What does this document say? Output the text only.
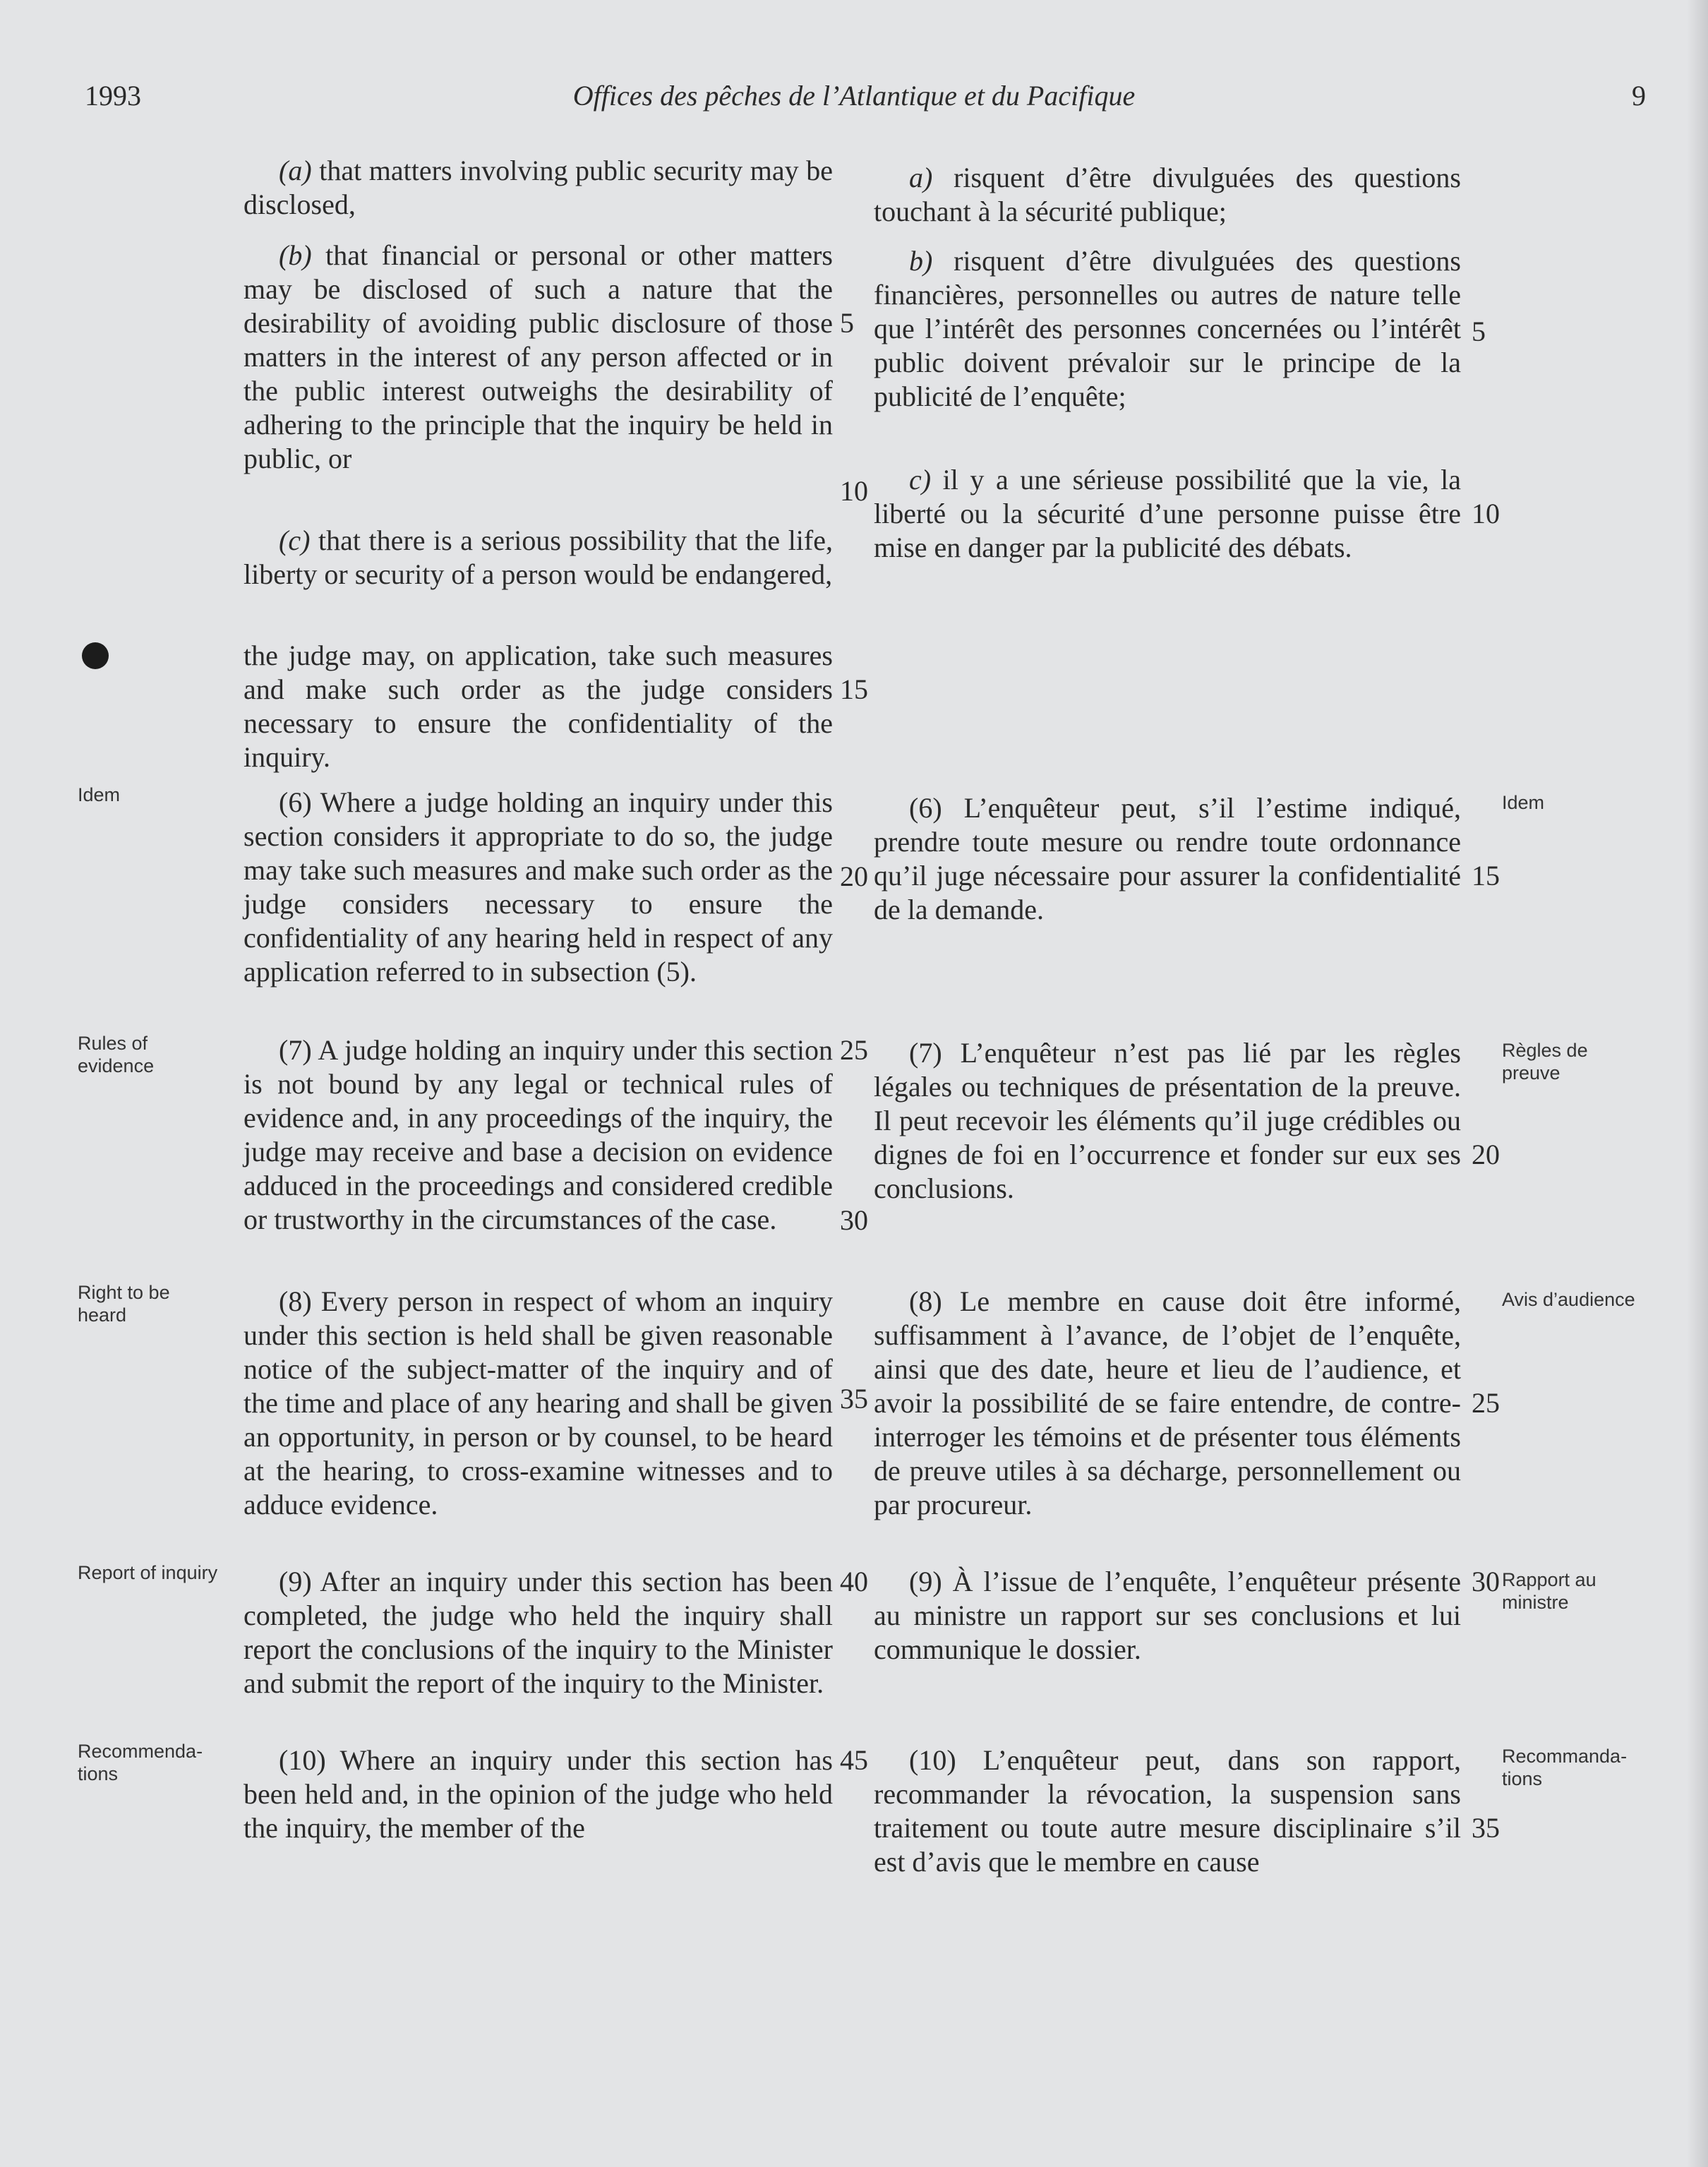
1993	Offices des pêches de l’Atlantique et du Pacifique	9

(a) that matters involving public security may be disclosed,

(b) that financial or personal or other matters may be disclosed of such a nature that the desirability of avoiding public disclosure of those matters in the interest of any person affected or in the public interest outweighs the desirability of adhering to the principle that the inquiry be held in public, or

(c) that there is a serious possibility that the life, liberty or security of a person would be endangered,

the judge may, on application, take such measures and make such order as the judge considers necessary to ensure the confidentiality of the inquiry.

(6) Where a judge holding an inquiry under this section considers it appropriate to do so, the judge may take such measures and make such order as the judge considers necessary to ensure the confidentiality of any hearing held in respect of any application referred to in subsection (5).

(7) A judge holding an inquiry under this section is not bound by any legal or technical rules of evidence and, in any proceedings of the inquiry, the judge may receive and base a decision on evidence adduced in the proceedings and considered credible or trustworthy in the circumstances of the case.

(8) Every person in respect of whom an inquiry under this section is held shall be given reasonable notice of the subject-matter of the inquiry and of the time and place of any hearing and shall be given an opportunity, in person or by counsel, to be heard at the hearing, to cross-examine witnesses and to adduce evidence.

(9) After an inquiry under this section has been completed, the judge who held the inquiry shall report the conclusions of the inquiry to the Minister and submit the report of the inquiry to the Minister.

(10) Where an inquiry under this section has been held and, in the opinion of the judge who held the inquiry, the member of the

a) risquent d’être divulguées des questions touchant à la sécurité publique;

b) risquent d’être divulguées des questions financières, personnelles ou autres de nature telle que l’intérêt des personnes concernées ou l’intérêt public doivent prévaloir sur le principe de la publicité de l’enquête;

c) il y a une sérieuse possibilité que la vie, la liberté ou la sécurité d’une personne puisse être mise en danger par la publicité des débats.

(6) L’enquêteur peut, s’il l’estime indiqué, prendre toute mesure ou rendre toute ordonnance qu’il juge nécessaire pour assurer la confidentialité de la demande.

(7) L’enquêteur n’est pas lié par les règles légales ou techniques de présentation de la preuve. Il peut recevoir les éléments qu’il juge crédibles ou dignes de foi en l’occurrence et fonder sur eux ses conclusions.

(8) Le membre en cause doit être informé, suffisamment à l’avance, de l’objet de l’enquête, ainsi que des date, heure et lieu de l’audience, et avoir la possibilité de se faire entendre, de contre-interroger les témoins et de présenter tous éléments de preuve utiles à sa décharge, personnellement ou par procureur.

(9) À l’issue de l’enquête, l’enquêteur présente au ministre un rapport sur ses conclusions et lui communique le dossier.

(10) L’enquêteur peut, dans son rapport, recommander la révocation, la suspension sans traitement ou toute autre mesure disciplinaire s’il est d’avis que le membre en cause

5
10
15
20
25
30
35
40
45
5
10
15
20
25
30
35
Idem
Rules of evidence
Right to be heard
Report of inquiry
Recommenda-tions
Idem
Règles de preuve
Avis d’audience
Rapport au ministre
Recommanda-tions
